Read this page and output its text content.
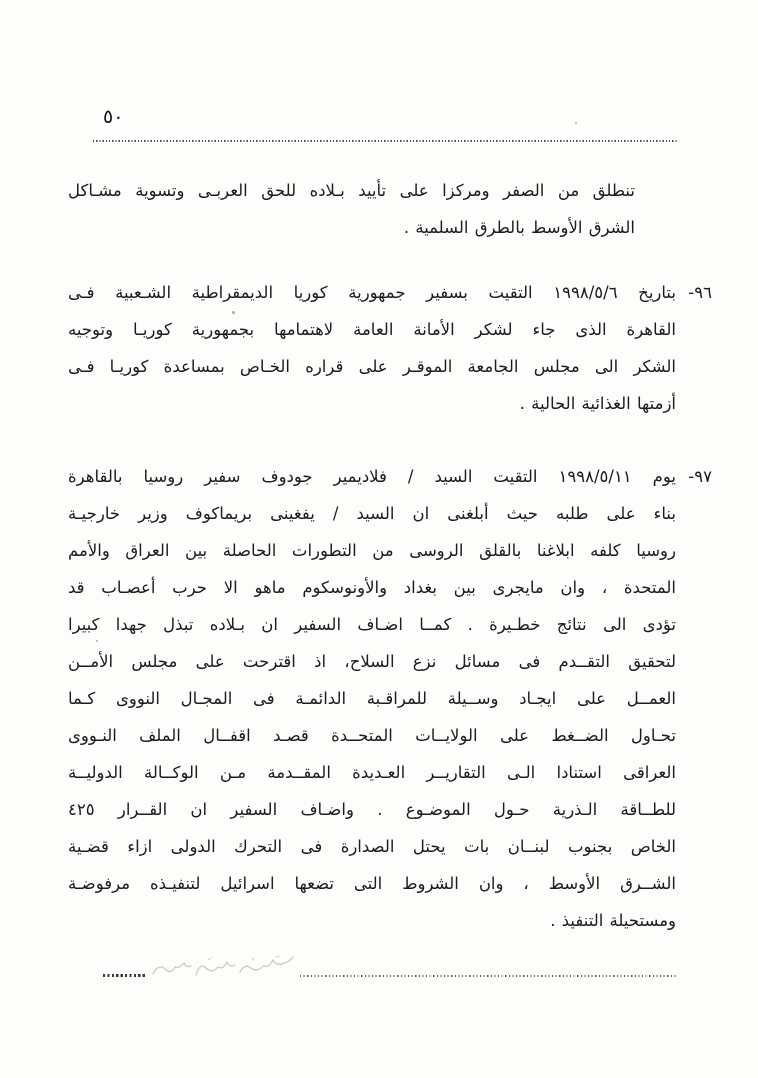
٥٠
تنطلق من الصفر ومركزا على تأييد بـلاده للحق العربـى وتسوية مشـاكل
الشرق الأوسط بالطرق السلمية .
٩٦-
بتاريخ ١٩٩٨/٥/٦ التقيت بسفير جمهورية كوريا الديمقراطية الشـعبية فـى
القاهرة الذى جاء لشكر الأمانة العامة لاهتمامها بجمهورية كوريـا وتوجيه
الشكر الى مجلس الجامعة الموقـر على قراره الخـاص بمساعدة كوريـا فـى
أزمتها الغذائية الحالية .
٩٧-
يوم ١٩٩٨/٥/١١ التقيت السيد / فلاديمير جودوف سفير روسيا بالقاهرة
بناء على طلبه حيث أبلغنى ان السيد / يفغينى بريماكوف وزير خارجيـة
روسيا كلفه ابلاغنا بالقلق الروسى من التطورات الحاصلة بين العراق والأمم
المتحدة ، وان مايجرى بين بغداد والأونوسكوم ماهو الا حرب أعصـاب قد
تؤدى الى نتائج خطـيرة . كمــا اضـاف السفير ان بـلاده تبذل جهدا كبيرا
لتحقيق التقــدم فى مسائل نزع السلاح، اذ اقترحت على مجلس الأمــن
العمــل على ايجـاد وســيلة للمراقـبة الدائمـة فى المجـال النووى كـما
تحـاول الضــغط على الولايــات المتحــدة قصـد اقفــال الملف النـووى
العراقى استنادا الـى التقاريــر العـديدة المقــدمة مـن الوكــالة الدوليــة
للطــاقة الـذرية حـول الموضـوع . واضـاف السفير ان القــرار ٤٢٥
الخاص بجنوب لبنــان بات يحتل الصدارة فى التحرك الدولى ازاء قضـية
الشــرق الأوسط ، وان الشروط التى تضعها اسرائيل لتنفيـذه مرفوضـة
ومستحيلة التنفيذ .
